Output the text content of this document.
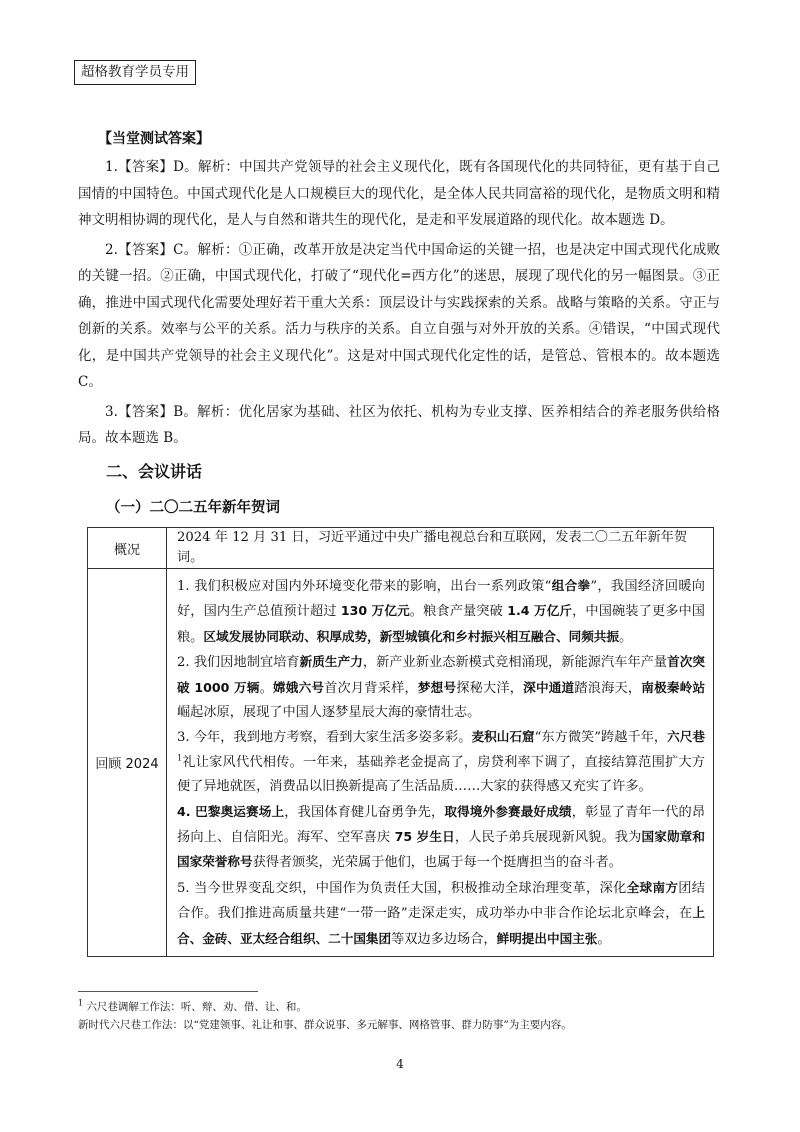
超格教育学员专用
【当堂测试答案】

1.【答案】D。解析：中国共产党领导的社会主义现代化，既有各国现代化的共同特征，更有基于自己国情的中国特色。中国式现代化是人口规模巨大的现代化，是全体人民共同富裕的现代化，是物质文明和精神文明相协调的现代化，是人与自然和谐共生的现代化，是走和平发展道路的现代化。故本题选 D。

2.【答案】C。解析：①正确，改革开放是决定当代中国命运的关键一招，也是决定中国式现代化成败的关键一招。②正确，中国式现代化，打破了“现代化=西方化”的迷思，展现了现代化的另一幅图景。③正确，推进中国式现代化需要处理好若干重大关系：顶层设计与实践探索的关系。战略与策略的关系。守正与创新的关系。效率与公平的关系。活力与秩序的关系。自立自强与对外开放的关系。④错误，“中国式现代化，是中国共产党领导的社会主义现代化”。这是对中国式现代化定性的话，是管总、管根本的。故本题选 C。

3.【答案】B。解析：优化居家为基础、社区为依托、机构为专业支撑、医养相结合的养老服务供给格局。故本题选 B。

二、会议讲话
（一）二〇二五年新年贺词
概况	2024 年 12 月 31 日，习近平通过中央广播电视总台和互联网，发表二〇二五年新年贺词。
回顾 2024	1. 我们积极应对国内外环境变化带来的影响，出台一系列政策“组合拳”，我国经济回暖向好，国内生产总值预计超过 130 万亿元。粮食产量突破 1.4 万亿斤，中国碗装了更多中国粮。区域发展协同联动、积厚成势，新型城镇化和乡村振兴相互融合、同频共振。

2. 我们因地制宜培育新质生产力，新产业新业态新模式竞相涌现，新能源汽车年产量首次突破 1000 万辆。嫦娥六号首次月背采样，梦想号探秘大洋，深中通道踏浪海天，南极秦岭站崛起冰原，展现了中国人逐梦星辰大海的豪情壮志。

3. 今年，我到地方考察，看到大家生活多姿多彩。麦积山石窟“东方微笑”跨越千年，六尺巷$^1$礼让家风代代相传。一年来，基础养老金提高了，房贷利率下调了，直接结算范围扩大方便了异地就医，消费品以旧换新提高了生活品质……大家的获得感又充实了许多。

4. 巴黎奥运赛场上，我国体育健儿奋勇争先，取得境外参赛最好成绩，彰显了青年一代的昂扬向上、自信阳光。海军、空军喜庆 75 岁生日，人民子弟兵展现新风貌。我为国家勋章和国家荣誉称号获得者颁奖，光荣属于他们，也属于每一个挺膺担当的奋斗者。

5. 当今世界变乱交织，中国作为负责任大国，积极推动全球治理变革，深化全球南方团结合作。我们推进高质量共建“一带一路”走深走实，成功举办中非合作论坛北京峰会，在上合、金砖、亚太经合组织、二十国集团等双边多边场合，鲜明提出中国主张。

$^1$ 六尺巷调解工作法：听、辩、劝、借、让、和。

新时代六尺巷工作法：以“党建领事、礼让和事、群众说事、多元解事、网格管事、群力防事”为主要内容。

4
